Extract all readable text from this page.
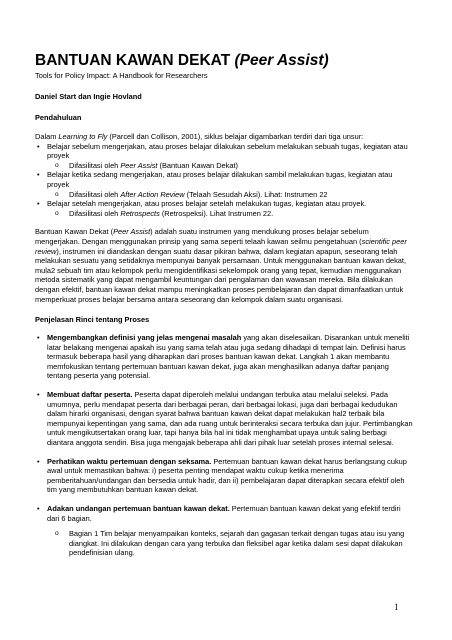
BANTUAN KAWAN DEKAT (Peer Assist)
Tools for Policy Impact: A Handbook for Researchers
Daniel Start dan Ingie Hovland
Pendahuluan

Dalam Learning to Fly (Parcell dan Collison, 2001), siklus belajar digambarkan terdiri dari tiga unsur:

• Belajar sebelum mengerjakan, atau proses belajar dilakukan sebelum melakukan sebuah tugas, kegiatan atau proyek
o Difasilitasi oleh Peer Assist (Bantuan Kawan Dekat)
• Belajar ketika sedang mengerjakan, atau proses belajar dilakukan sambil melakukan tugas, kegiatan atau proyek
o Difasilitasi oleh After Action Review (Telaah Sesudah Aksi). Lihat: Instrumen 22
• Belajar setelah mengerjakan, atau proses belajar setelah melakukan tugas, kegiatan atau proyek.
o Difasilitasi oleh Retrospects (Retrospeksi). Lihat Instrumen 22.

Bantuan Kawan Dekat (Peer Assist) adalah suatu instrumen yang mendukung proses belajar sebelum mengerjakan. Dengan menggunakan prinsip yang sama seperti telaah kawan seilmu pengetahuan (scientific peer review), instrumen ini diandaskan dengan suatu dasar pikiran bahwa, dalam kegiatan apapun, seseorang telah melakukan sesuatu yang setidaknya mempunyai banyak persamaan. Untuk menggunakan bantuan kawan dekat, mula2 sebuah tim atau kelompok perlu mengidentifikasi sekelompok orang yang tepat, kemudian menggunakan metoda sistematik yang dapat mengambil keuntungan dari pengalaman dan wawasan mereka. Bila dilakukan dengan efektif, bantuan kawan dekat mampu meningkatkan proses pembelajaran dan dapat dimanfaatkan untuk memperkuat proses belajar bersama antara seseorang dan kelompok dalam suatu organisasi.

Penjelasan Rinci tentang Proses
• Mengembangkan definisi yang jelas mengenai masalah yang akan diselesaikan. Disarankan untuk meneliti latar belakang mengenai apakah isu yang sama telah atau juga sedang dihadapi di tempat lain. Definisi harus termasuk beberapa hasil yang diharapkan dari proses bantuan kawan dekat. Langkah 1 akan membantu memfokuskan tentang pertemuan bantuan kawan dekat, juga akan menghasilkan adanya daftar panjang tentang peserta yang potensial.
• Membuat daftar peserta. Peserta dapat diperoleh melalui undangan terbuka atau melalui seleksi. Pada umumnya, perlu mendapat peserta dari berbagai peran, dari berbagai lokasi, juga dari berbagai kedudukan dalam hirarki organisasi, dengan syarat bahwa bantuan kawan dekat dapat melakukan hal2 terbaik bila mempunyai kepentingan yang sama, dan ada ruang untuk berinteraksi secara terbuka dan jujur. Pertimbangkan untuk mengikutsertakan orang luar, tapi hanya bila hal ini tidak menghambat upaya untuk saling berbagi diantara anggota sendiri. Bisa juga mengajak beberapa ahli dari pihak luar setelah proses internal selesai.
• Perhatikan waktu pertemuan dengan seksama. Pertemuan bantuan kawan dekat harus berlangsung cukup awal untuk memastikan bahwa: i) peserta penting mendapat waktu cukup ketika menerima pemberitahuan/undangan dan bersedia untuk hadir, dan ii) pembelajaran dapat diterapkan secara efektif oleh tim yang membutuhkan bantuan kawan dekat.
• Adakan undangan pertemuan bantuan kawan dekat. Pertemuan bantuan kawan dekat yang efektif terdiri dari 6 bagian.
o Bagian 1 Tim belajar menyampaikan konteks, sejarah dan gagasan terkait dengan tugas atau isu yang diangkat. Ini dilakukan dengan cara yang terbuka dan fleksibel agar ketika dalam sesi dapat dilakukan pendefinisian ulang.
1
